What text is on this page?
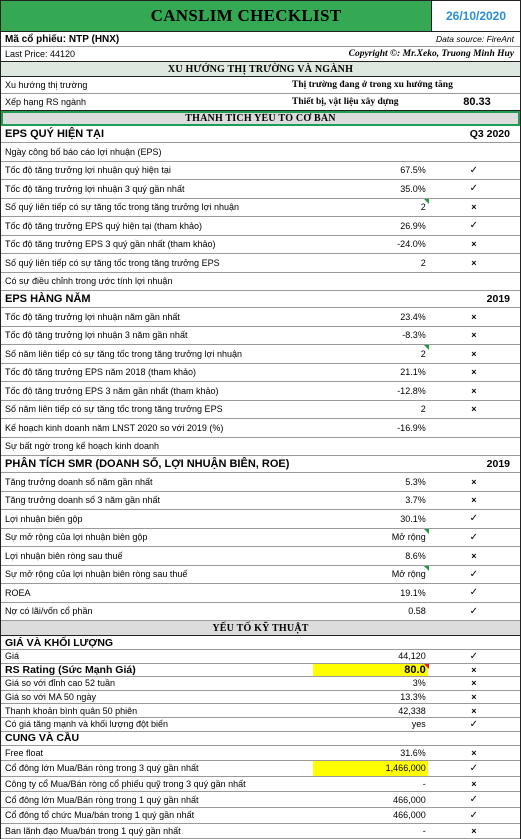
CANSLIM CHECKLIST	26/10/2020
Mã cổ phiếu: NTP (HNX)	Data source: FireAnt
Last Price: 44120	Copyright ©: Mr.Xeko, Truong Minh Huy
XU HƯỚNG THỊ TRƯỜNG VÀ NGÀNH
Xu hướng thị trường	Thị trường đang ở trong xu hướng tăng
Xếp hạng RS ngành	Thiết bị, vật liệu xây dựng	80.33
THÀNH TÍCH YẾU TỐ CƠ BẢN
EPS QUÝ HIỆN TẠI	Q3 2020
Ngày công bố báo cáo lợi nhuận (EPS)
Tốc độ tăng trưởng lợi nhuận quý hiện tại	67.5%	✓
Tốc độ tăng trưởng lợi nhuận 3 quý gần nhất	35.0%	✓
Số quý liên tiếp có sự tăng tốc trong tăng trưởng lợi nhuận	2	×
Tốc độ tăng trưởng EPS quý hiện tại (tham khảo)	26.9%	✓
Tốc độ tăng trưởng EPS 3 quý gần nhất (tham khảo)	-24.0%	×
Số quý liên tiếp có sự tăng tốc trong tăng trưởng EPS	2	×
Có sự điều chỉnh trong ước tính lợi nhuận
EPS HÀNG NĂM	2019
Tốc độ tăng trưởng lợi nhuận năm gần nhất	23.4%	×
Tốc độ tăng trưởng lợi nhuận 3 năm gần nhất	-8.3%	×
Số năm liên tiếp có sự tăng tốc trong tăng trưởng lợi nhuận	2	×
Tốc độ tăng trưởng EPS năm 2018 (tham khảo)	21.1%	×
Tốc độ tăng trưởng EPS 3 năm gần nhất (tham khảo)	-12.8%	×
Số năm liên tiếp có sự tăng tốc trong tăng trưởng EPS	2	×
Kế hoạch kinh doanh năm LNST 2020 so với 2019 (%)	-16.9%
Sự bất ngờ trong kế hoạch kinh doanh
PHÂN TÍCH SMR (DOANH SỐ, LỢI NHUẬN BIÊN, ROE)	2019
Tăng trưởng doanh số năm gần nhất	5.3%	×
Tăng trưởng doanh số 3 năm gần nhất	3.7%	×
Lợi nhuận biên gộp	30.1%	✓
Sự mở rộng của lợi nhuận biên gộp	Mở rộng	✓
Lợi nhuận biên ròng sau thuế	8.6%	×
Sự mở rộng của lợi nhuận biên ròng sau thuế	Mở rộng	✓
ROEA	19.1%	✓
Nợ có lãi/vốn cổ phần	0.58	✓
YẾU TỐ KỸ THUẬT
GIÁ VÀ KHỐI LƯỢNG
Giá	44,120	✓
RS Rating (Sức Mạnh Giá)	80.0	×
Giá so với đỉnh cao 52 tuần	3%	×
Giá so với MA 50 ngày	13.3%	×
Thanh khoản bình quân 50 phiên	42,338	×
Có giá tăng mạnh và khối lượng đột biến	yes	✓
CUNG VÀ CẦU
Free float	31.6%	×
Cổ đông lớn Mua/Bán ròng trong 3 quý gần nhất	1,466,000	✓
Công ty cổ Mua/Bán ròng cổ phiếu quỹ trong 3 quý gần nhất	-	×
Cổ đông lớn Mua/Bán ròng trong 1 quý gần nhất	466,000	✓
Cổ đông tổ chức Mua/bán trong 1 quý gần nhất	466,000	✓
Ban lãnh đạo Mua/bán trong 1 quý gần nhất	-	×
